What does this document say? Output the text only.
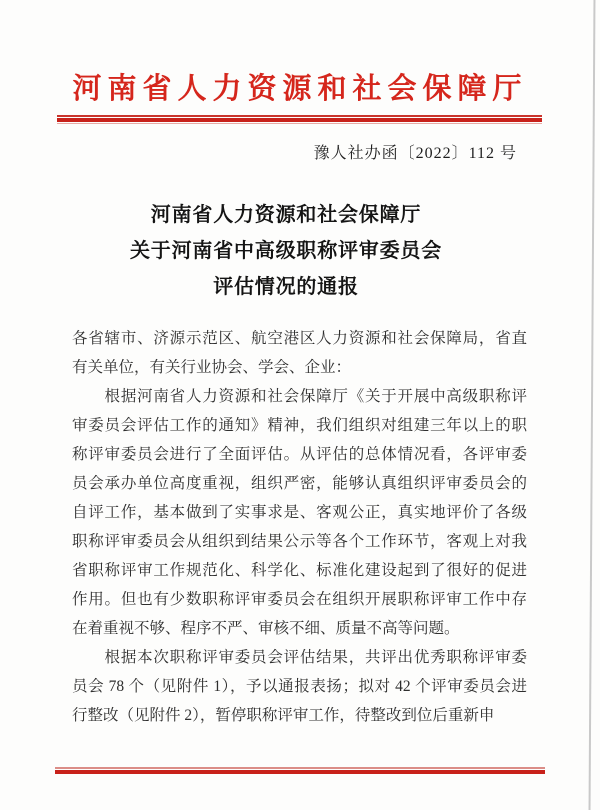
河南省人力资源和社会保障厅
豫人社办函〔2022〕112 号
河南省人力资源和社会保障厅
关于河南省中高级职称评审委员会
评估情况的通报
各省辖市、济源示范区、航空港区人力资源和社会保障局，省直
有关单位，有关行业协会、学会、企业：
　　根据河南省人力资源和社会保障厅《关于开展中高级职称评
审委员会评估工作的通知》精神，我们组织对组建三年以上的职
称评审委员会进行了全面评估。从评估的总体情况看，各评审委
员会承办单位高度重视，组织严密，能够认真组织评审委员会的
自评工作，基本做到了实事求是、客观公正，真实地评价了各级
职称评审委员会从组织到结果公示等各个工作环节，客观上对我
省职称评审工作规范化、科学化、标准化建设起到了很好的促进
作用。但也有少数职称评审委员会在组织开展职称评审工作中存
在着重视不够、程序不严、审核不细、质量不高等问题。
　　根据本次职称评审委员会评估结果，共评出优秀职称评审委
员会 78 个（见附件 1），予以通报表扬；拟对 42 个评审委员会进
行整改（见附件 2），暂停职称评审工作，待整改到位后重新申
